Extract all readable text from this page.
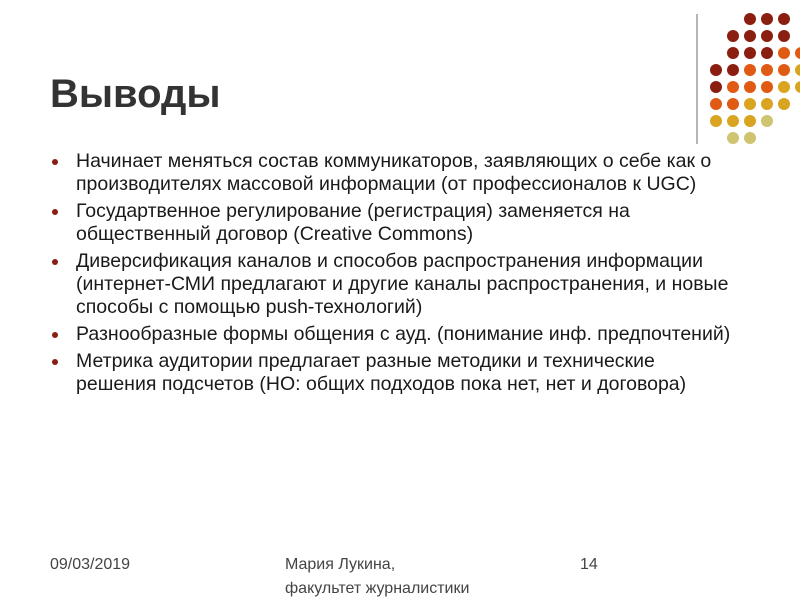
Выводы
Начинает меняться состав коммуникаторов, заявляющих о себе как о производителях массовой информации (от профессионалов к UGC)
Государтвенное регулирование (регистрация) заменяется на общественный договор (Creative Commons)
Диверсификация каналов и способов распространения информации (интернет-СМИ предлагают и другие каналы распространения, и новые способы с помощью push-технологий)
Разнообразные формы общения с ауд. (понимание инф. предпочтений)
Метрика аудитории предлагает разные методики и технические решения подсчетов (НО: общих подходов пока нет, нет и договора)
09/03/2019	Мария Лукина,
факультет журналистики
14
